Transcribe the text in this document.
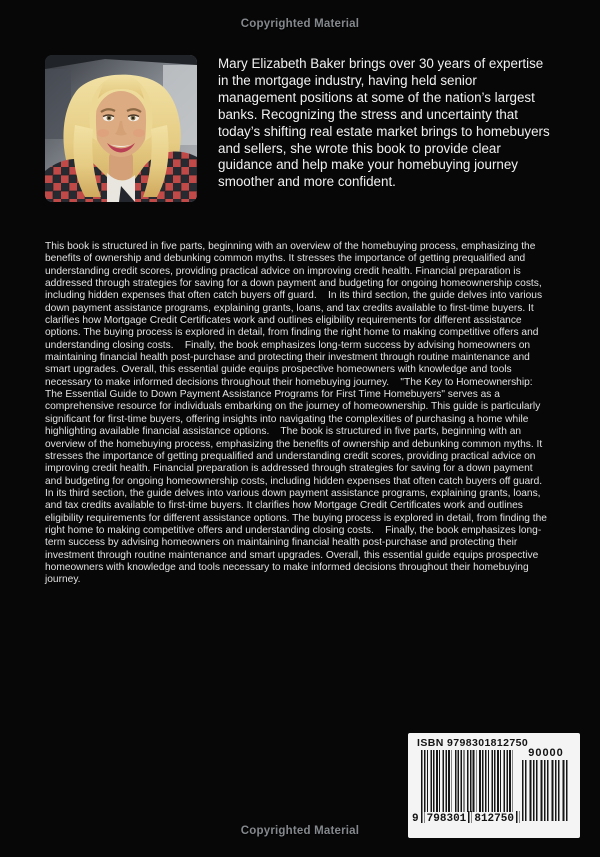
Copyrighted Material
Mary Elizabeth Baker brings over 30 years of expertise in the mortgage industry, having held senior management positions at some of the nation’s largest banks. Recognizing the stress and uncertainty that today’s shifting real estate market brings to homebuyers and sellers, she wrote this book to provide clear guidance and help make your homebuying journey smoother and more confident.
This book is structured in five parts, beginning with an overview of the homebuying process, emphasizing the benefits of ownership and debunking common myths. It stresses the importance of getting prequalified and understanding credit scores, providing practical advice on improving credit health. Financial preparation is addressed through strategies for saving for a down payment and budgeting for ongoing homeownership costs, including hidden expenses that often catch buyers off guard.    In its third section, the guide delves into various down payment assistance programs, explaining grants, loans, and tax credits available to first-time buyers. It clarifies how Mortgage Credit Certificates work and outlines eligibility requirements for different assistance options. The buying process is explored in detail, from finding the right home to making competitive offers and understanding closing costs.    Finally, the book emphasizes long-term success by advising homeowners on maintaining financial health post-purchase and protecting their investment through routine maintenance and smart upgrades. Overall, this essential guide equips prospective homeowners with knowledge and tools necessary to make informed decisions throughout their homebuying journey.    "The Key to Homeownership: The Essential Guide to Down Payment Assistance Programs for First Time Homebuyers" serves as a comprehensive resource for individuals embarking on the journey of homeownership. This guide is particularly significant for first-time buyers, offering insights into navigating the complexities of purchasing a home while highlighting available financial assistance options.    The book is structured in five parts, beginning with an overview of the homebuying process, emphasizing the benefits of ownership and debunking common myths. It stresses the importance of getting prequalified and understanding credit scores, providing practical advice on improving credit health. Financial preparation is addressed through strategies for saving for a down payment and budgeting for ongoing homeownership costs, including hidden expenses that often catch buyers off guard.    In its third section, the guide delves into various down payment assistance programs, explaining grants, loans, and tax credits available to first-time buyers. It clarifies how Mortgage Credit Certificates work and outlines eligibility requirements for different assistance options. The buying process is explored in detail, from finding the right home to making competitive offers and understanding closing costs.    Finally, the book emphasizes long-term success by advising homeowners on maintaining financial health post-purchase and protecting their investment through routine maintenance and smart upgrades. Overall, this essential guide equips prospective homeowners with knowledge and tools necessary to make informed decisions throughout their homebuying journey.
ISBN 9798301812750
9 798301 812750
90000
Copyrighted Material
